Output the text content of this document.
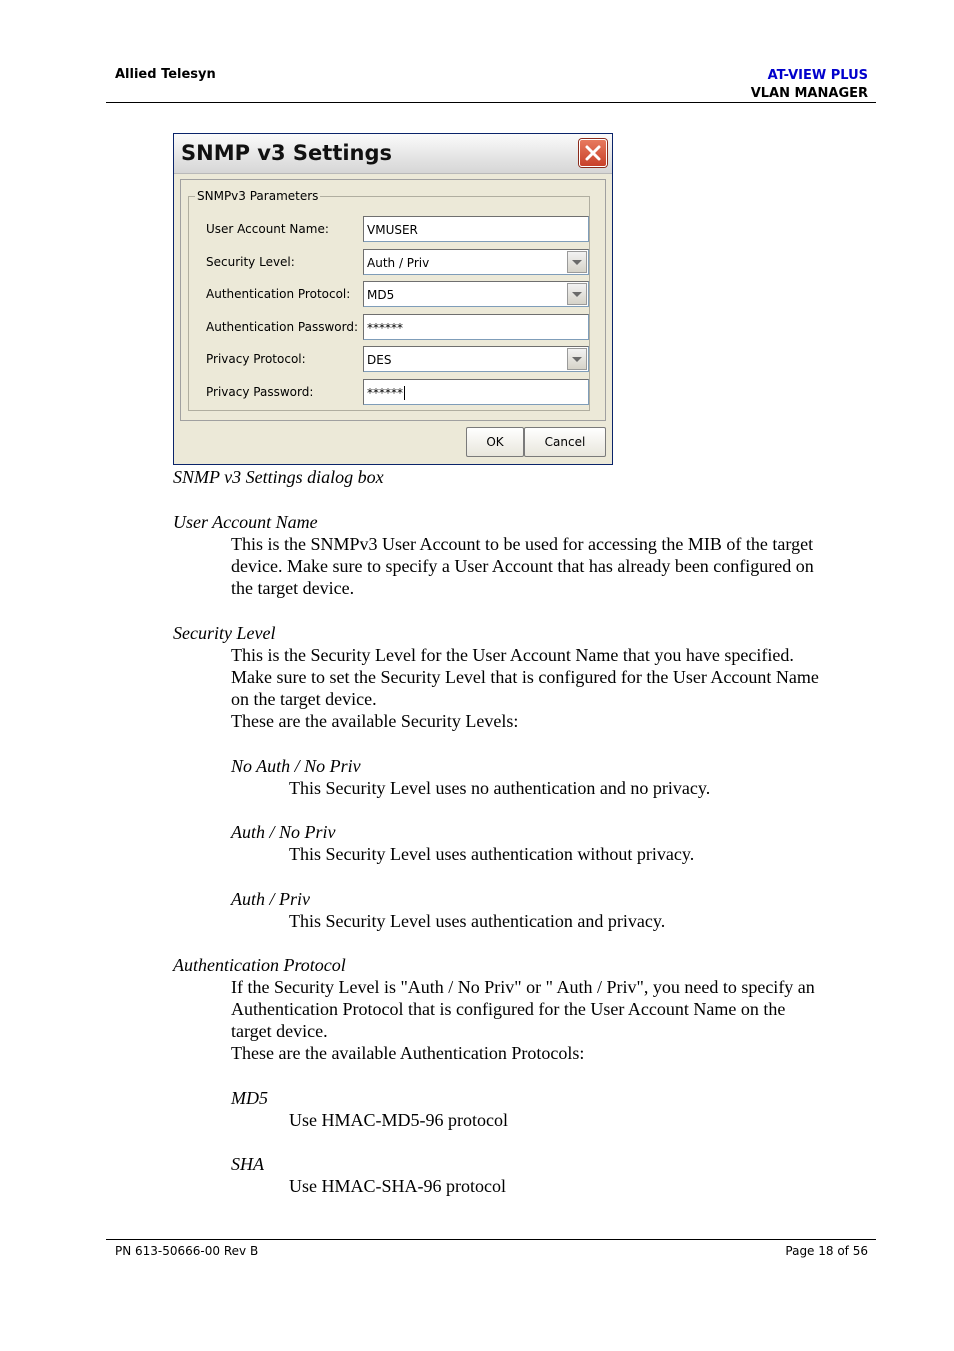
Allied Telesyn	AT-VIEW PLUS
VLAN MANAGER
SNMP v3 Settings
SNMPv3 Parameters
User Account Name:	VMUSER
Security Level:	Auth / Priv
Authentication Protocol: MD5
Authentication Password: ******
Privacy Protocol:	DES
Privacy Password:	******
OK	Cancel
SNMP v3 Settings dialog box
User Account Name
This is the SNMPv3 User Account to be used for accessing the MIB of the target
device. Make sure to specify a User Account that has already been configured on
the target device.
Security Level
This is the Security Level for the User Account Name that you have specified.
Make sure to set the Security Level that is configured for the User Account Name
on the target device.
These are the available Security Levels:
No Auth / No Priv
This Security Level uses no authentication and no privacy.
Auth / No Priv
This Security Level uses authentication without privacy.
Auth / Priv
This Security Level uses authentication and privacy.
Authentication Protocol
If the Security Level is "Auth / No Priv" or " Auth / Priv", you need to specify an
Authentication Protocol that is configured for the User Account Name on the
target device.
These are the available Authentication Protocols:
MD5
Use HMAC-MD5-96 protocol
SHA
Use HMAC-SHA-96 protocol
PN 613-50666-00 Rev B	Page 18 of 56
